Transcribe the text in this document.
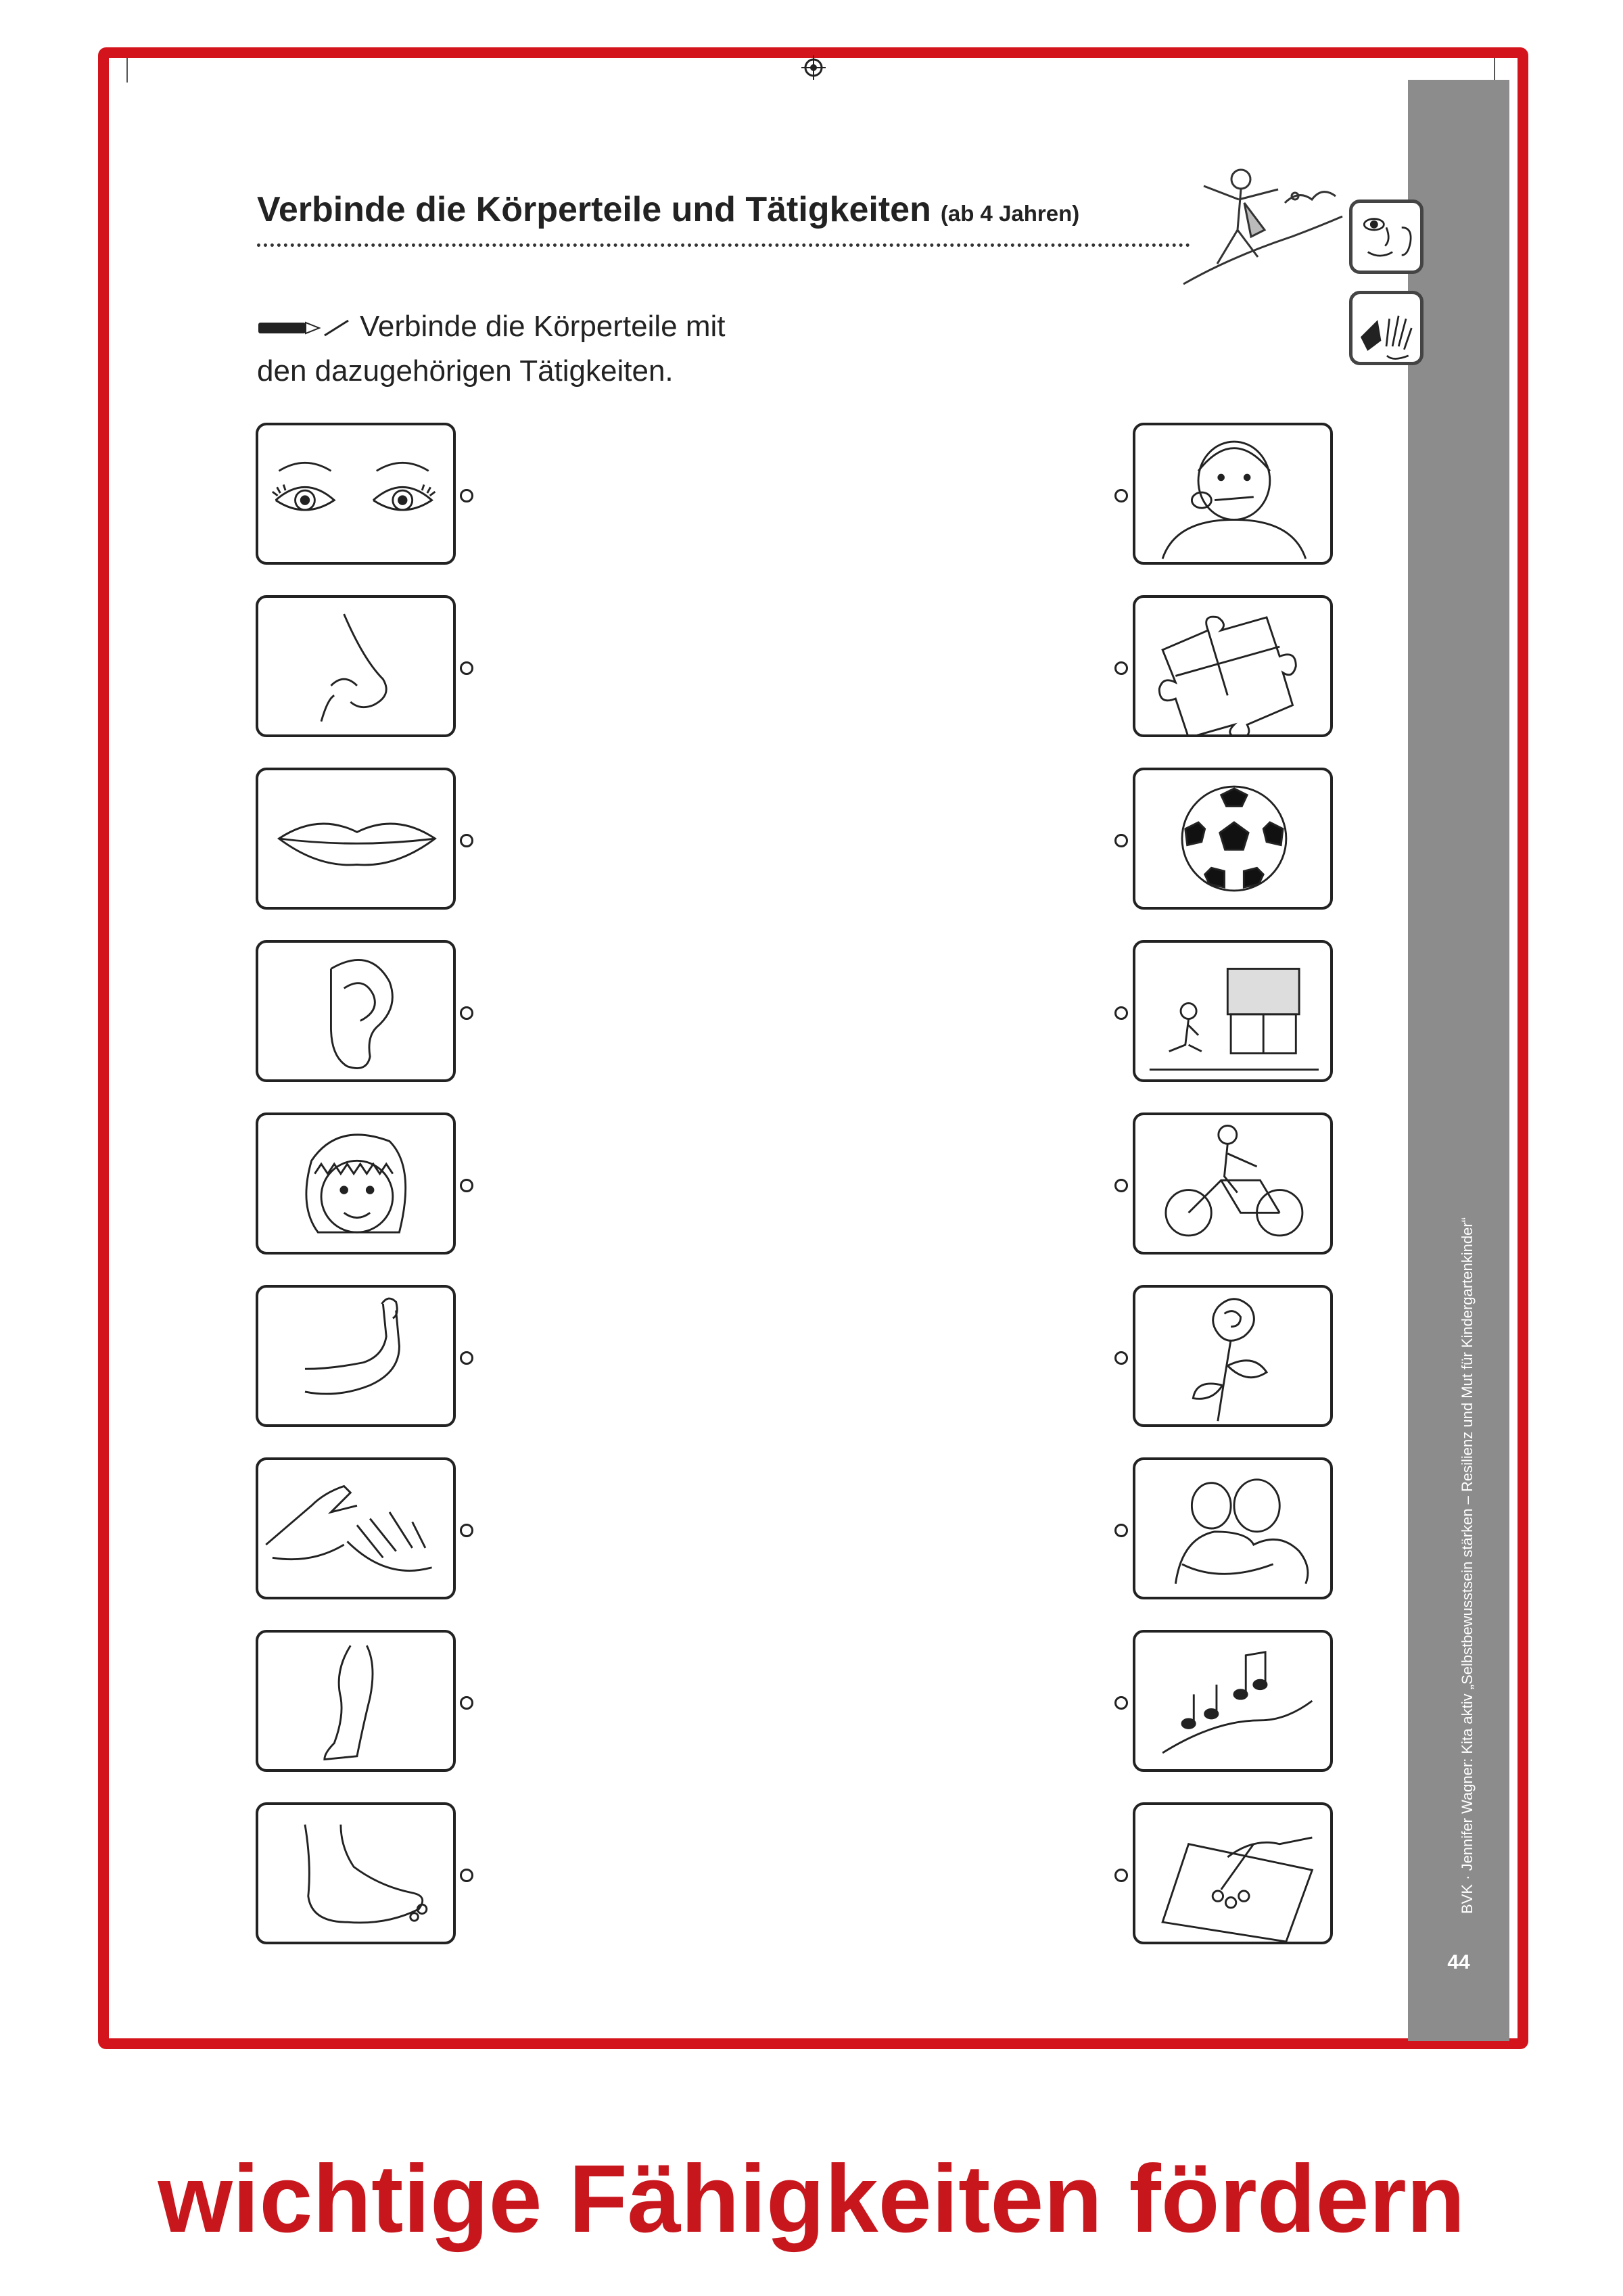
BVK · Jennifer Wagner: Kita aktiv „Selbstbewusstsein stärken – Resilienz und Mut für Kindergartenkinder“
44
Verbinde die Körperteile und Tätigkeiten (ab 4 Jahren)
Verbinde die Körperteile mit
den dazugehörigen Tätigkeiten.
wichtige Fähigkeiten fördern
